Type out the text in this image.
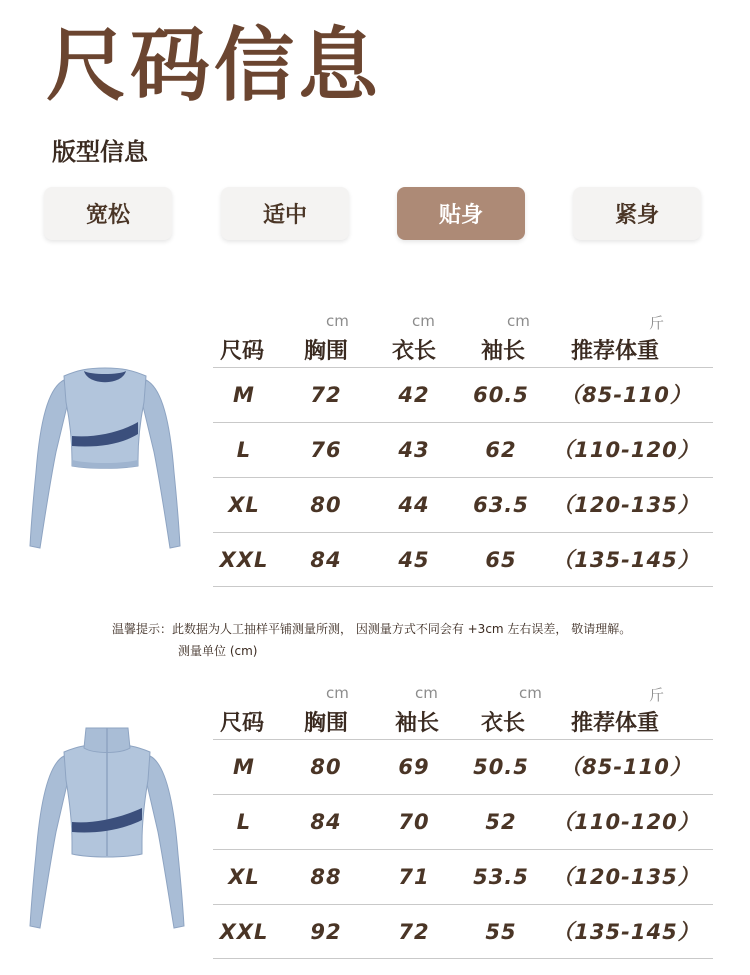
尺码信息
版型信息
宽松	适中	贴身	紧身
cm	cm	cm	斤
尺码 胸围 衣长 袖长 推荐体重
M	72	42	60.5	（85-110）
L	76	43	62	（110-120）
XL	80	44	63.5	（120-135）
XXL	84	45	65	（135-145）
温馨提示：此数据为人工抽样平铺测量所测， 因测量方式不同会有 +3cm 左右误差， 敬请理解。
测量单位 (cm)
cm	cm	cm	斤
尺码 胸围 袖长 衣长 推荐体重
M	80	69	50.5	（85-110）
L	84	70	52	（110-120）
XL	88	71	53.5	（120-135）
XXL	92	72	55	（135-145）
